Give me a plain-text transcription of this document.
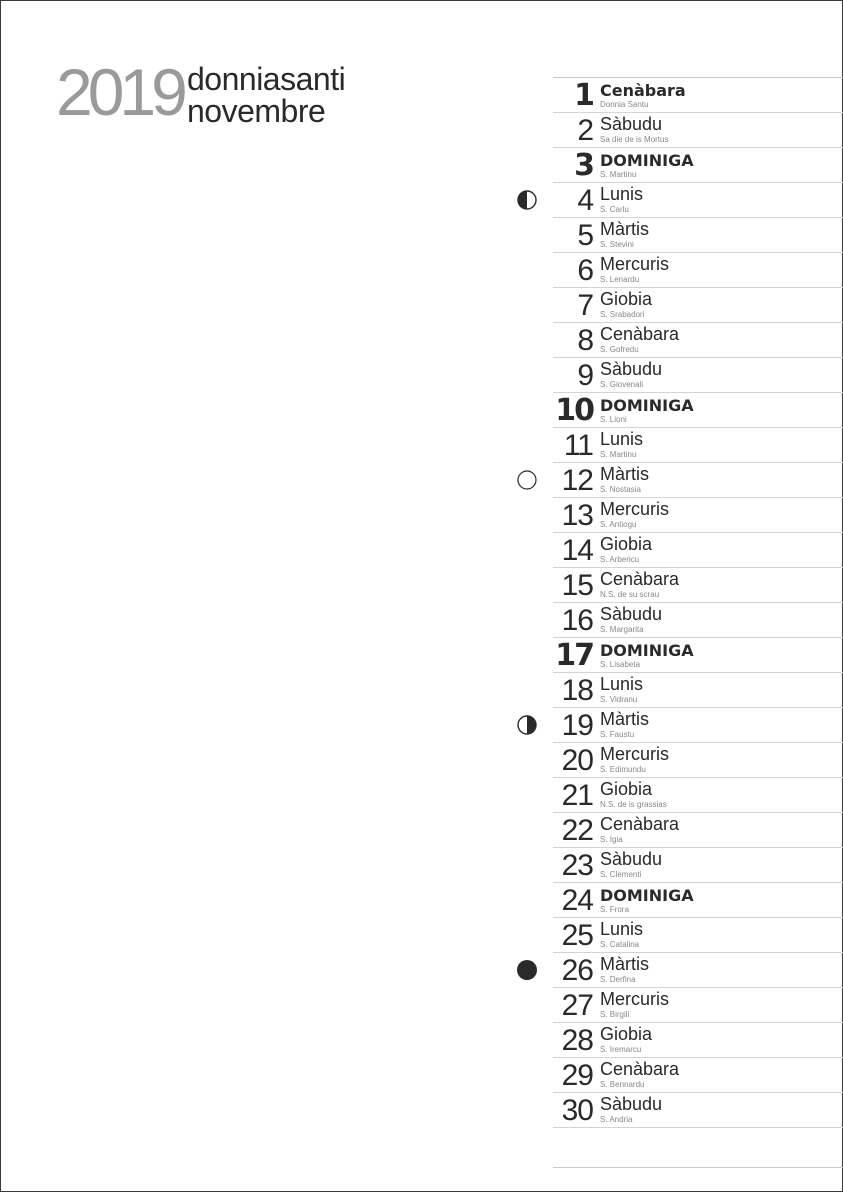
2019 donniasanti
novembre	1 Cenàbara
Donnia Santu
2 Sàbudu
Sa die de is Mortus
3 DOMINIGA
S. Martinu
4 Lunis
S. Carlu
5 Màrtis
S. Stevini
6 Mercuris
S. Lenardu
7 Giobia
S. Srabadori
8 Cenàbara
S. Gofredu
9 Sàbudu
S. Giovenali
10 DOMINIGA
S. Lioni
11 Lunis
S. Martinu
12 Màrtis
S. Nostasia
13 Mercuris
S. Antiogu
14 Giobia
S. Arbericu
15 Cenàbara
N.S. de su scrau
16 Sàbudu
S. Margarita
17 DOMINIGA
S. Lisabeta
18 Lunis
S. Vidranu
19 Màrtis
S. Faustu
20 Mercuris
S. Edimundu
21 Giobia
N.S. de is grassias
22 Cenàbara
S. Igia
23 Sàbudu
S. Clementi
24 DOMINIGA
S. Frora
25 Lunis
S. Catalina
26 Màrtis
S. Derfina
27 Mercuris
S. Birgili
28 Giobia
S. Iremarcu
29 Cenàbara
S. Bennardu
30 Sàbudu
S. Andria
